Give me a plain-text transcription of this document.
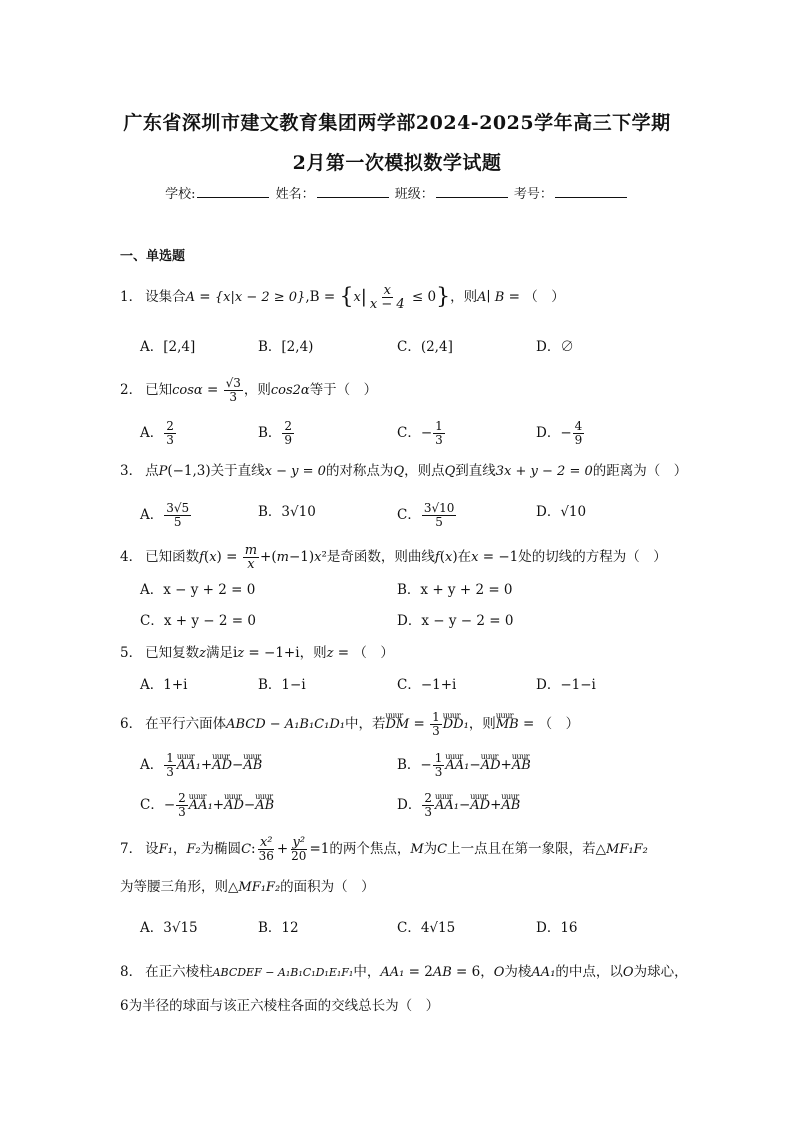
广东省深圳市建文教育集团两学部2024-2025学年高三下学期
2月第一次模拟数学试题
学校:	姓名：	班级：	考号：
一、单选题
1． 设集合$A = \{x|x - 2 \ge 0\},B = \{x| \frac{x}{x - 4} \le 0\}$，则A∣ B = （　）
A．[2,4]	B．[2,4)	C．(2,4]	D．∅
2． 已知$\cos\alpha = \frac{√3}{3}$ ，则cos2α等于（　）
A． $\frac{2}{3}$	B． $\frac{2}{9}$	C．− $\frac{1}{3}$	D．− $\frac{4}{9}$
3． 点P(−1,3)关于直线x − y = 0的对称点为Q，则点Q到直线3x + y − 2 = 0的距离为（　）
A． $\frac{3√5}{5}$	B．3√10	C． $\frac{3√10}{5}$	D．√10
4． 已知函数$f(x) = \frac{m}{x} +(m-1)x^2$是奇函数，则曲线f(x)在x = −1处的切线的方程为（　）
A．x − y + 2 = 0	B．x + y + 2 = 0
C．x + y − 2 = 0	D．x − y − 2 = 0
5． 已知复数z满足iz = −1+i，则z = （　）
A．1+i	B．1−i	C．−1+i	D．−1−i
6． 在平行六面体ABCD − A₁B₁C₁D₁中，若uuur DM = $\frac{1}{3}$ uuur DD₁，则uuur MB = （　）
A． $\frac{1}{3}$ uuur AA₁+uuur AD−uuur AB	B．− $\frac{1}{3}$ uuur AA₁−uuur AD+uuur AB
C．− $\frac{2}{3}$ uuur AA₁+uuur AD−uuur AB	D． $\frac{2}{3}$ uuur AA₁−uuur AD+uuur AB
7． 设F₁，F₂为椭圆C: $\frac{\text{x²}}{36} + \frac{\text{y²}}{20} =1$的两个焦点，M为C上一点且在第一象限，若△MF₁F₂
为等腰三角形，则△MF₁F₂的面积为（　）
A．3√15	B．12	C．4√15	D．16
8． 在正六棱柱ABCDEF − A₁B₁C₁D₁E₁F₁中，AA₁ = 2AB = 6，O为棱AA₁的中点，以O为球心，
6为半径的球面与该正六棱柱各面的交线总长为（　）
